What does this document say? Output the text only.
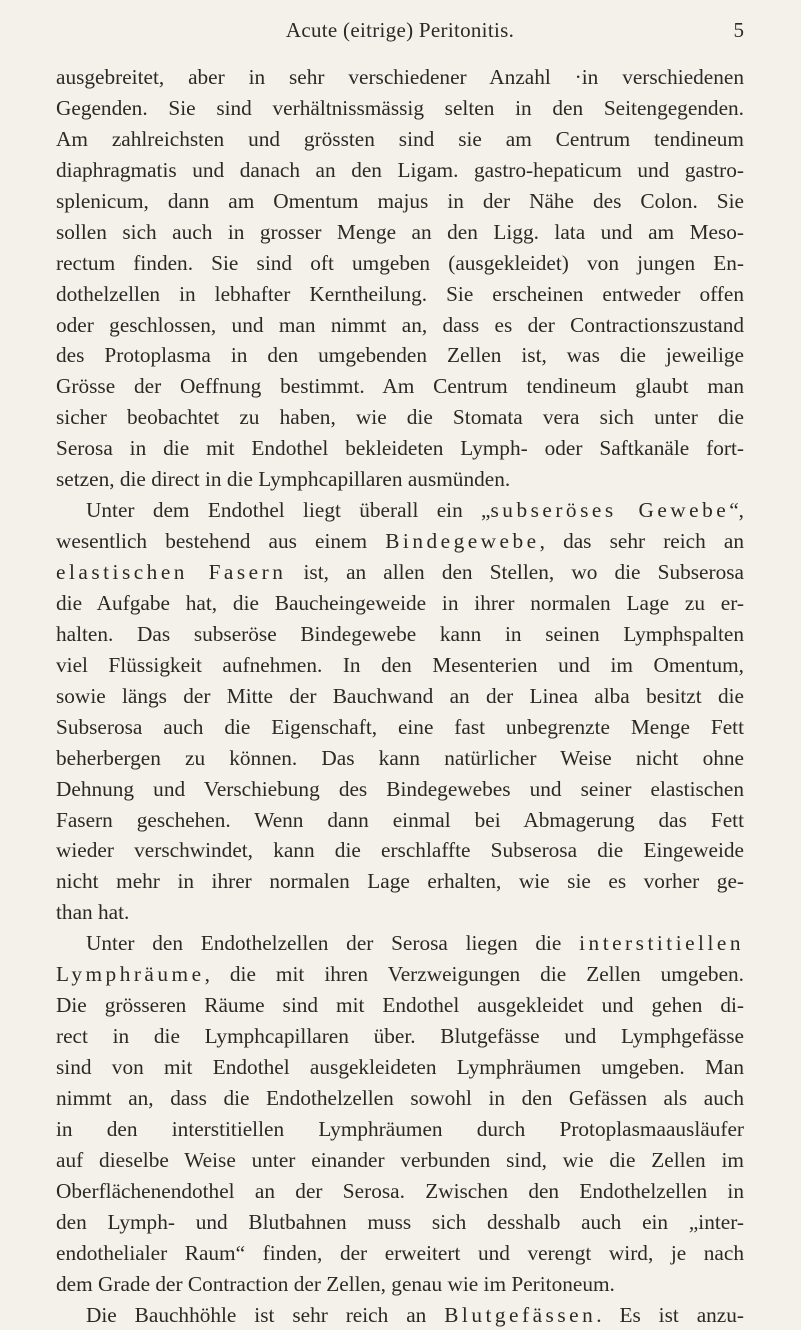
Acute (eitrige) Peritonitis.	5
ausgebreitet, aber in sehr verschiedener Anzahl ·in verschiedenen
Gegenden. Sie sind verhältnissmässig selten in den Seitengegenden.
Am zahlreichsten und grössten sind sie am Centrum tendineum
diaphragmatis und danach an den Ligam. gastro-hepaticum und gastro-
splenicum, dann am Omentum majus in der Nähe des Colon. Sie
sollen sich auch in grosser Menge an den Ligg. lata und am Meso-
rectum finden. Sie sind oft umgeben (ausgekleidet) von jungen En-
dothelzellen in lebhafter Kerntheilung. Sie erscheinen entweder offen
oder geschlossen, und man nimmt an, dass es der Contractionszustand
des Protoplasma in den umgebenden Zellen ist, was die jeweilige
Grösse der Oeffnung bestimmt. Am Centrum tendineum glaubt man
sicher beobachtet zu haben, wie die Stomata vera sich unter die
Serosa in die mit Endothel bekleideten Lymph- oder Saftkanäle fort-
setzen, die direct in die Lymphcapillaren ausmünden.
Unter dem Endothel liegt überall ein „subseröses Gewebe“,
wesentlich bestehend aus einem Bindegewebe, das sehr reich an
elastischen Fasern ist, an allen den Stellen, wo die Subserosa
die Aufgabe hat, die Baucheingeweide in ihrer normalen Lage zu er-
halten. Das subseröse Bindegewebe kann in seinen Lymphspalten
viel Flüssigkeit aufnehmen. In den Mesenterien und im Omentum,
sowie längs der Mitte der Bauchwand an der Linea alba besitzt die
Subserosa auch die Eigenschaft, eine fast unbegrenzte Menge Fett
beherbergen zu können. Das kann natürlicher Weise nicht ohne
Dehnung und Verschiebung des Bindegewebes und seiner elastischen
Fasern geschehen. Wenn dann einmal bei Abmagerung das Fett
wieder verschwindet, kann die erschlaffte Subserosa die Eingeweide
nicht mehr in ihrer normalen Lage erhalten, wie sie es vorher ge-
than hat.
Unter den Endothelzellen der Serosa liegen die interstitiellen
Lymphräume, die mit ihren Verzweigungen die Zellen umgeben.
Die grösseren Räume sind mit Endothel ausgekleidet und gehen di-
rect in die Lymphcapillaren über. Blutgefässe und Lymphgefässe
sind von mit Endothel ausgekleideten Lymphräumen umgeben. Man
nimmt an, dass die Endothelzellen sowohl in den Gefässen als auch
in den interstitiellen Lymphräumen durch Protoplasmaausläufer
auf dieselbe Weise unter einander verbunden sind, wie die Zellen im
Oberflächenendothel an der Serosa. Zwischen den Endothelzellen in
den Lymph- und Blutbahnen muss sich desshalb auch ein „inter-
endothelialer Raum“ finden, der erweitert und verengt wird, je nach
dem Grade der Contraction der Zellen, genau wie im Peritoneum.
Die Bauchhöhle ist sehr reich an Blutgefässen. Es ist anzu-
